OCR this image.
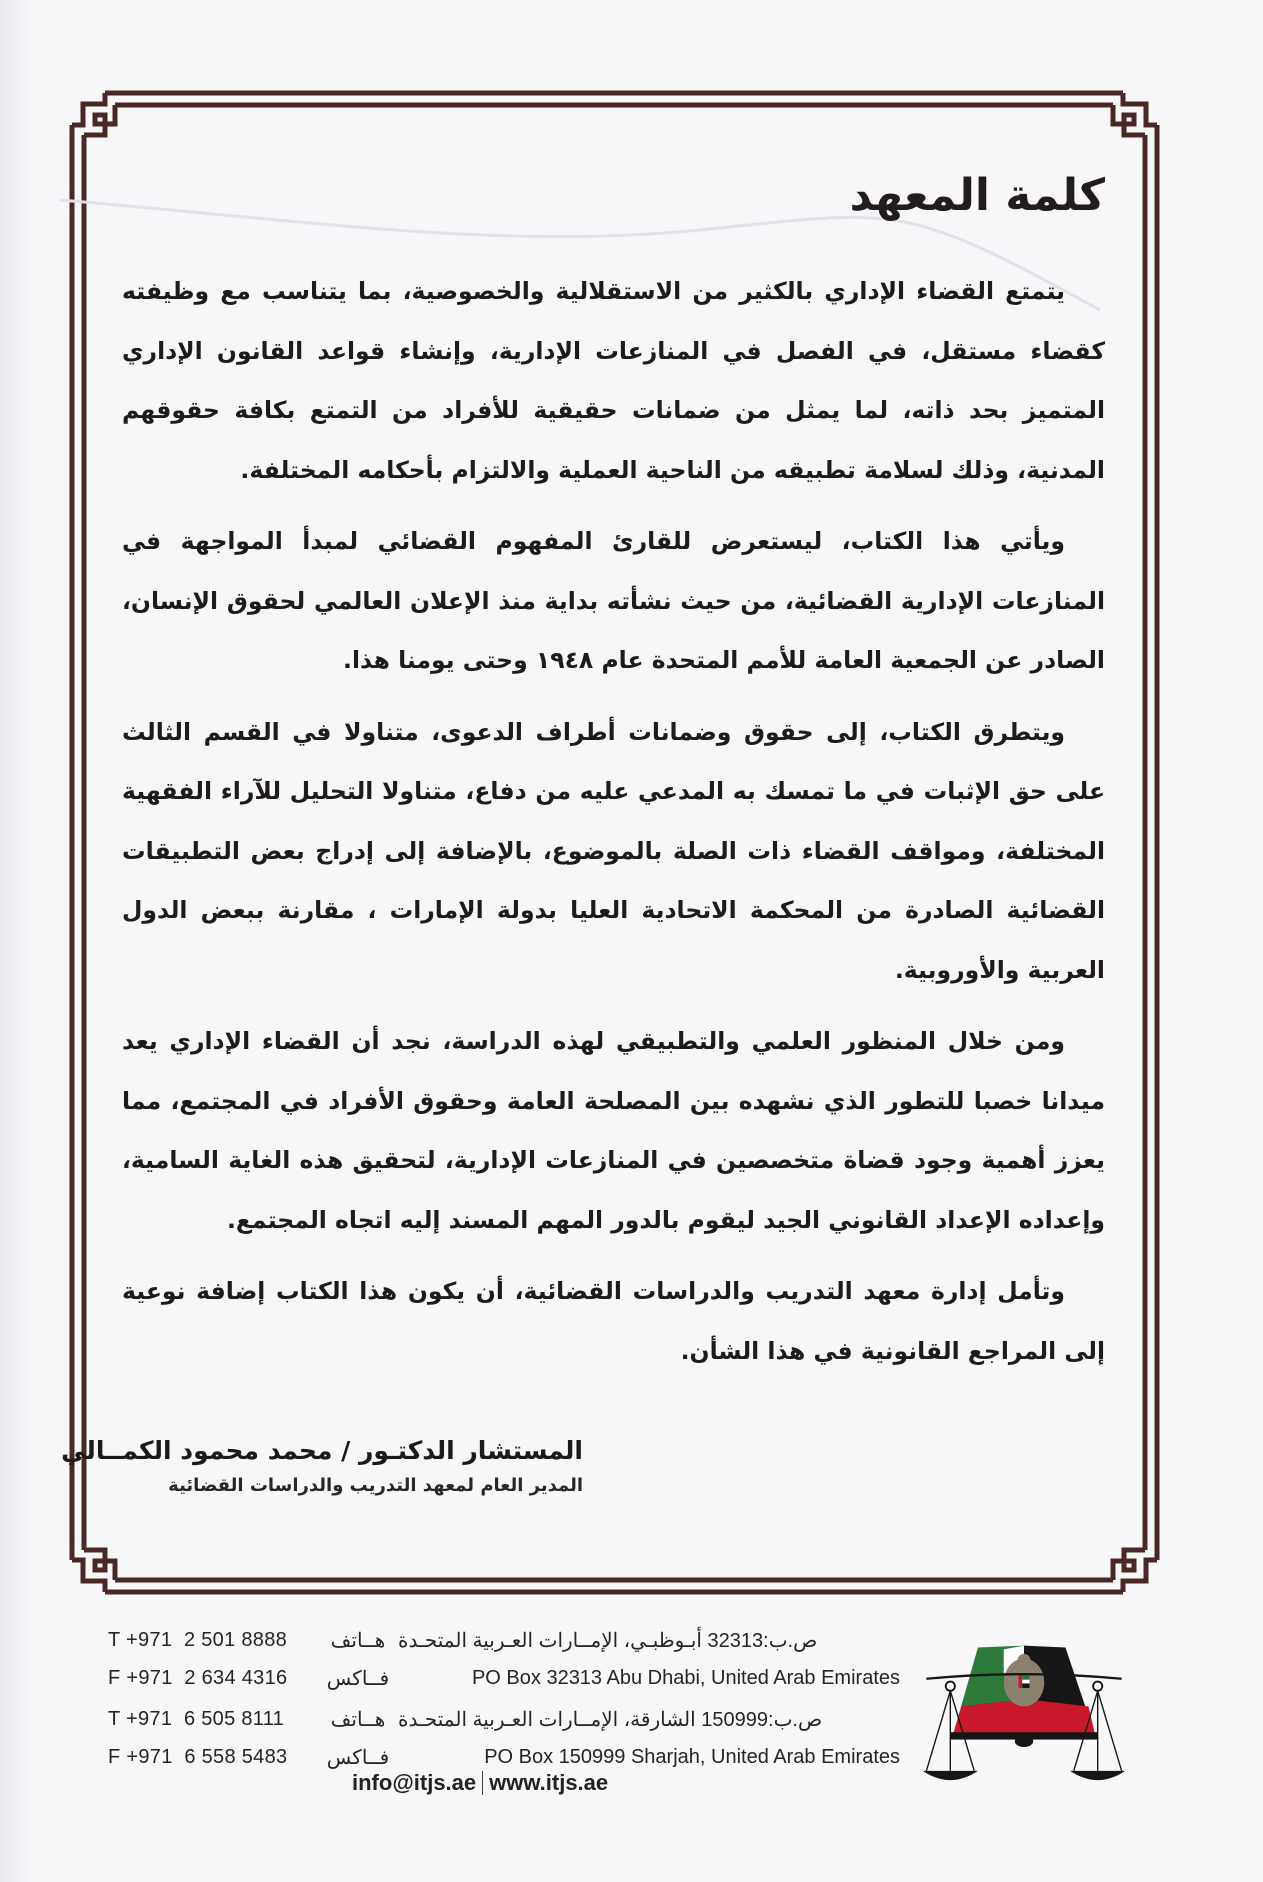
كلمة المعهد

يتمتع القضاء الإداري بالكثير من الاستقلالية والخصوصية، بما يتناسب مع وظيفته كقضاء مستقل، في الفصل في المنازعات الإدارية، وإنشاء قواعد القانون الإداري المتميز بحد ذاته، لما يمثل من ضمانات حقيقية للأفراد من التمتع بكافة حقوقهم المدنية، وذلك لسلامة تطبيقه من الناحية العملية والالتزام بأحكامه المختلفة.

ويأتي هذا الكتاب، ليستعرض للقارئ المفهوم القضائي لمبدأ المواجهة في المنازعات الإدارية القضائية، من حيث نشأته بداية منذ الإعلان العالمي لحقوق الإنسان، الصادر عن الجمعية العامة للأمم المتحدة عام ١٩٤٨ وحتى يومنا هذا.

ويتطرق الكتاب، إلى حقوق وضمانات أطراف الدعوى، متناولا في القسم الثالث على حق الإثبات في ما تمسك به المدعي عليه من دفاع، متناولا التحليل للآراء الفقهية المختلفة، ومواقف القضاء ذات الصلة بالموضوع، بالإضافة إلى إدراج بعض التطبيقات القضائية الصادرة من المحكمة الاتحادية العليا بدولة الإمارات ، مقارنة ببعض الدول العربية والأوروبية.

ومن خلال المنظور العلمي والتطبيقي لهذه الدراسة، نجد أن القضاء الإداري يعد ميدانا خصبا للتطور الذي نشهده بين المصلحة العامة وحقوق الأفراد في المجتمع، مما يعزز أهمية وجود قضاة متخصصين في المنازعات الإدارية، لتحقيق هذه الغاية السامية، وإعداده الإعداد القانوني الجيد ليقوم بالدور المهم المسند إليه اتجاه المجتمع.

وتأمل إدارة معهد التدريب والدراسات القضائية، أن يكون هذا الكتاب إضافة نوعية إلى المراجع القانونية في هذا الشأن.

المستشار الدكتـور / محمد محمود الكمــالي
المدير العام لمعهد التدريب والدراسات القضائية
T +971  2 501 8888	هــاتف ص.ب:32313 أبـوظبـي، الإمــارات العـربية المتحـدة
F +971  2 634 4316	فــاكس	PO Box 32313 Abu Dhabi, United Arab Emirates
T +971  6 505 8111	هــاتف ص.ب:150999 الشارقة، الإمــارات العـربية المتحـدة
F +971  6 558 5483	فــاكس	PO Box 150999 Sharjah, United Arab Emirates
info@itjs.ae www.itjs.ae
